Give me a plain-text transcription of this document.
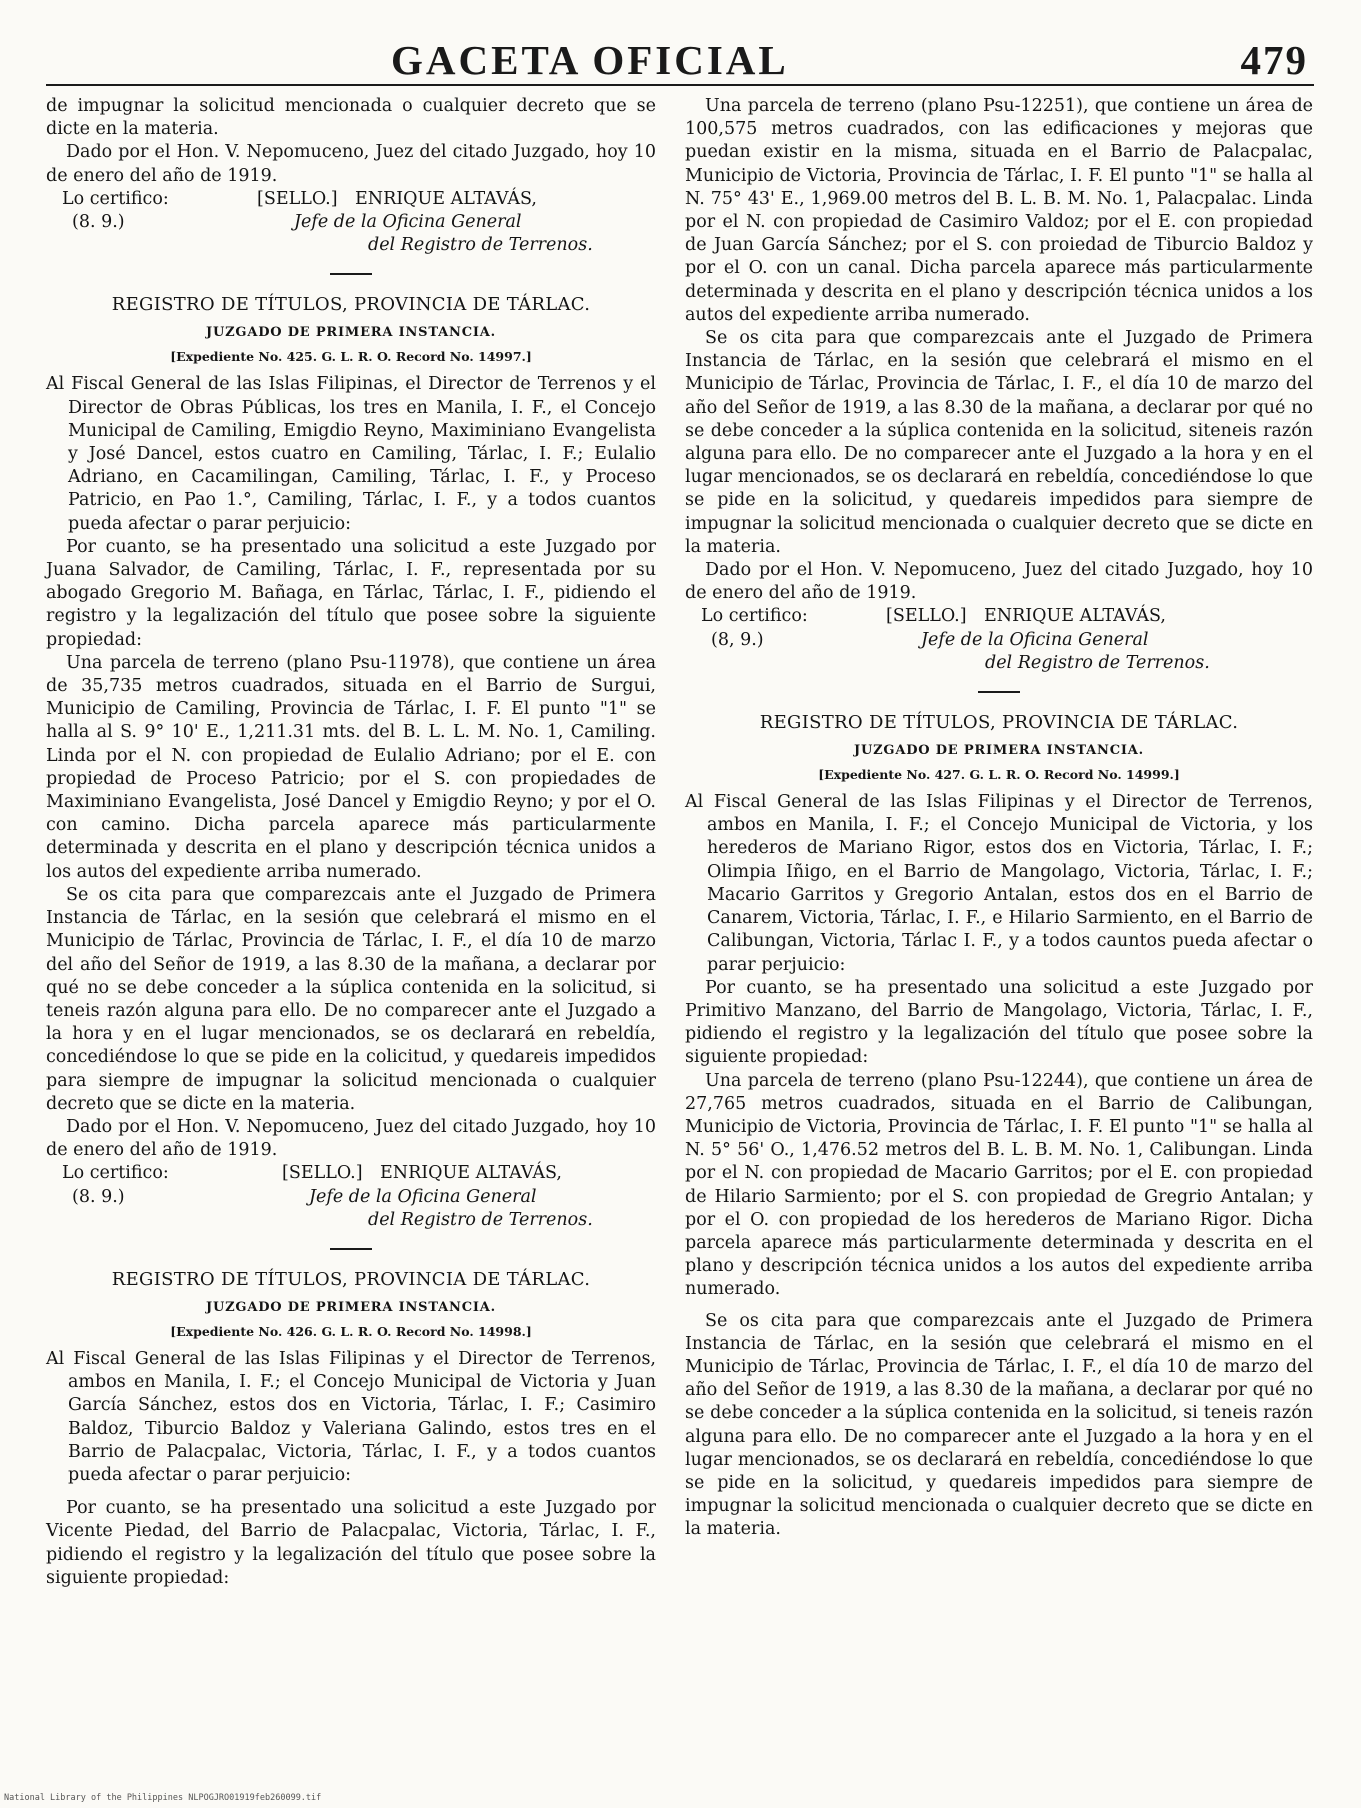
GACETA OFICIAL	479

de impugnar la solicitud mencionada o cualquier decreto que se dicte en la materia.

Dado por el Hon. V. Nepomuceno, Juez del citado Juzgado, hoy 10 de enero del año de 1919.

Lo certifico:	[SELLO.] ENRIQUE ALTAVÁS,
(8. 9.)	Jefe de la Oficina General
del Registro de Terrenos.

REGISTRO DE TÍTULOS, PROVINCIA DE TÁRLAC.

JUZGADO DE PRIMERA INSTANCIA.

[Expediente No. 425. G. L. R. O. Record No. 14997.]

Al Fiscal General de las Islas Filipinas, el Director de Terrenos y el Director de Obras Públicas, los tres en Manila, I. F., el Concejo Municipal de Camiling, Emigdio Reyno, Maximiniano Evangelista y José Dancel, estos cuatro en Camiling, Tárlac, I. F.; Eulalio Adriano, en Cacamilingan, Camiling, Tárlac, I. F., y Proceso Patricio, en Pao 1.°, Camiling, Tárlac, I. F., y a todos cuantos pueda afectar o parar perjuicio:

Por cuanto, se ha presentado una solicitud a este Juzgado por Juana Salvador, de Camiling, Tárlac, I. F., representada por su abogado Gregorio M. Bañaga, en Tárlac, Tárlac, I. F., pidiendo el registro y la legalización del título que posee sobre la siguiente propiedad:

Una parcela de terreno (plano Psu-11978), que contiene un área de 35,735 metros cuadrados, situada en el Barrio de Surgui, Municipio de Camiling, Provincia de Tárlac, I. F. El punto "1" se halla al S. 9° 10' E., 1,211.31 mts. del B. L. L. M. No. 1, Camiling. Linda por el N. con propiedad de Eulalio Adriano; por el E. con propiedad de Proceso Patricio; por el S. con propiedades de Maximiniano Evangelista, José Dancel y Emigdio Reyno; y por el O. con camino. Dicha parcela aparece más particularmente determinada y descrita en el plano y descripción técnica unidos a los autos del expediente arriba numerado.

Se os cita para que comparezcais ante el Juzgado de Primera Instancia de Tárlac, en la sesión que celebrará el mismo en el Municipio de Tárlac, Provincia de Tárlac, I. F., el día 10 de marzo del año del Señor de 1919, a las 8.30 de la mañana, a declarar por qué no se debe conceder a la súplica contenida en la solicitud, si teneis razón alguna para ello. De no comparecer ante el Juzgado a la hora y en el lugar mencionados, se os declarará en rebeldía, concediéndose lo que se pide en la colicitud, y quedareis impedidos para siempre de impugnar la solicitud mencionada o cualquier decreto que se dicte en la materia.

Dado por el Hon. V. Nepomuceno, Juez del citado Juzgado, hoy 10 de enero del año de 1919.

Lo certifico:	[SELLO.] ENRIQUE ALTAVÁS,
(8. 9.)	Jefe de la Oficina General
del Registro de Terrenos.

REGISTRO DE TÍTULOS, PROVINCIA DE TÁRLAC.

JUZGADO DE PRIMERA INSTANCIA.

[Expediente No. 426. G. L. R. O. Record No. 14998.]

Al Fiscal General de las Islas Filipinas y el Director de Terrenos, ambos en Manila, I. F.; el Concejo Municipal de Victoria y Juan García Sánchez, estos dos en Victoria, Tárlac, I. F.; Casimiro Baldoz, Tiburcio Baldoz y Valeriana Galindo, estos tres en el Barrio de Palacpalac, Victoria, Tárlac, I. F., y a todos cuantos pueda afectar o parar perjuicio:

Por cuanto, se ha presentado una solicitud a este Juzgado por Vicente Piedad, del Barrio de Palacpalac, Victoria, Tárlac, I. F., pidiendo el registro y la legalización del título que posee sobre la siguiente propiedad:

Una parcela de terreno (plano Psu-12251), que contiene un área de 100,575 metros cuadrados, con las edificaciones y mejoras que puedan existir en la misma, situada en el Barrio de Palacpalac, Municipio de Victoria, Provincia de Tárlac, I. F. El punto "1" se halla al N. 75° 43' E., 1,969.00 metros del B. L. B. M. No. 1, Palacpalac. Linda por el N. con propiedad de Casimiro Valdoz; por el E. con propiedad de Juan García Sánchez; por el S. con proiedad de Tiburcio Baldoz y por el O. con un canal. Dicha parcela aparece más particularmente determinada y descrita en el plano y descripción técnica unidos a los autos del expediente arriba numerado.

Se os cita para que comparezcais ante el Juzgado de Primera Instancia de Tárlac, en la sesión que celebrará el mismo en el Municipio de Tárlac, Provincia de Tárlac, I. F., el día 10 de marzo del año del Señor de 1919, a las 8.30 de la mañana, a declarar por qué no se debe conceder a la súplica contenida en la solicitud, siteneis razón alguna para ello. De no comparecer ante el Juzgado a la hora y en el lugar mencionados, se os declarará en rebeldía, concediéndose lo que se pide en la solicitud, y quedareis impedidos para siempre de impugnar la solicitud mencionada o cualquier decreto que se dicte en la materia.

Dado por el Hon. V. Nepomuceno, Juez del citado Juzgado, hoy 10 de enero del año de 1919.

Lo certifico:	[SELLO.] ENRIQUE ALTAVÁS,
(8, 9.)	Jefe de la Oficina General
del Registro de Terrenos.

REGISTRO DE TÍTULOS, PROVINCIA DE TÁRLAC.

JUZGADO DE PRIMERA INSTANCIA.

[Expediente No. 427. G. L. R. O. Record No. 14999.]

Al Fiscal General de las Islas Filipinas y el Director de Terrenos, ambos en Manila, I. F.; el Concejo Municipal de Victoria, y los herederos de Mariano Rigor, estos dos en Victoria, Tárlac, I. F.; Olimpia Iñigo, en el Barrio de Mangolago, Victoria, Tárlac, I. F.; Macario Garritos y Gregorio Antalan, estos dos en el Barrio de Canarem, Victoria, Tárlac, I. F., e Hilario Sarmiento, en el Barrio de Calibungan, Victoria, Tárlac I. F., y a todos cauntos pueda afectar o parar perjuicio:

Por cuanto, se ha presentado una solicitud a este Juzgado por Primitivo Manzano, del Barrio de Mangolago, Victoria, Tárlac, I. F., pidiendo el registro y la legalización del título que posee sobre la siguiente propiedad:

Una parcela de terreno (plano Psu-12244), que contiene un área de 27,765 metros cuadrados, situada en el Barrio de Calibungan, Municipio de Victoria, Provincia de Tárlac, I. F. El punto "1" se halla al N. 5° 56' O., 1,476.52 metros del B. L. B. M. No. 1, Calibungan. Linda por el N. con propiedad de Macario Garritos; por el E. con propiedad de Hilario Sarmiento; por el S. con propiedad de Gregrio Antalan; y por el O. con propiedad de los herederos de Mariano Rigor. Dicha parcela aparece más particularmente determinada y descrita en el plano y descripción técnica unidos a los autos del expediente arriba numerado.

Se os cita para que comparezcais ante el Juzgado de Primera Instancia de Tárlac, en la sesión que celebrará el mismo en el Municipio de Tárlac, Provincia de Tárlac, I. F., el día 10 de marzo del año del Señor de 1919, a las 8.30 de la mañana, a declarar por qué no se debe conceder a la súplica contenida en la solicitud, si teneis razón alguna para ello. De no comparecer ante el Juzgado a la hora y en el lugar mencionados, se os declarará en rebeldía, concediéndose lo que se pide en la solicitud, y quedareis impedidos para siempre de impugnar la solicitud mencionada o cualquier decreto que se dicte en la materia.

National Library of the Philippines NLPOGJRO01919feb260099.tif
